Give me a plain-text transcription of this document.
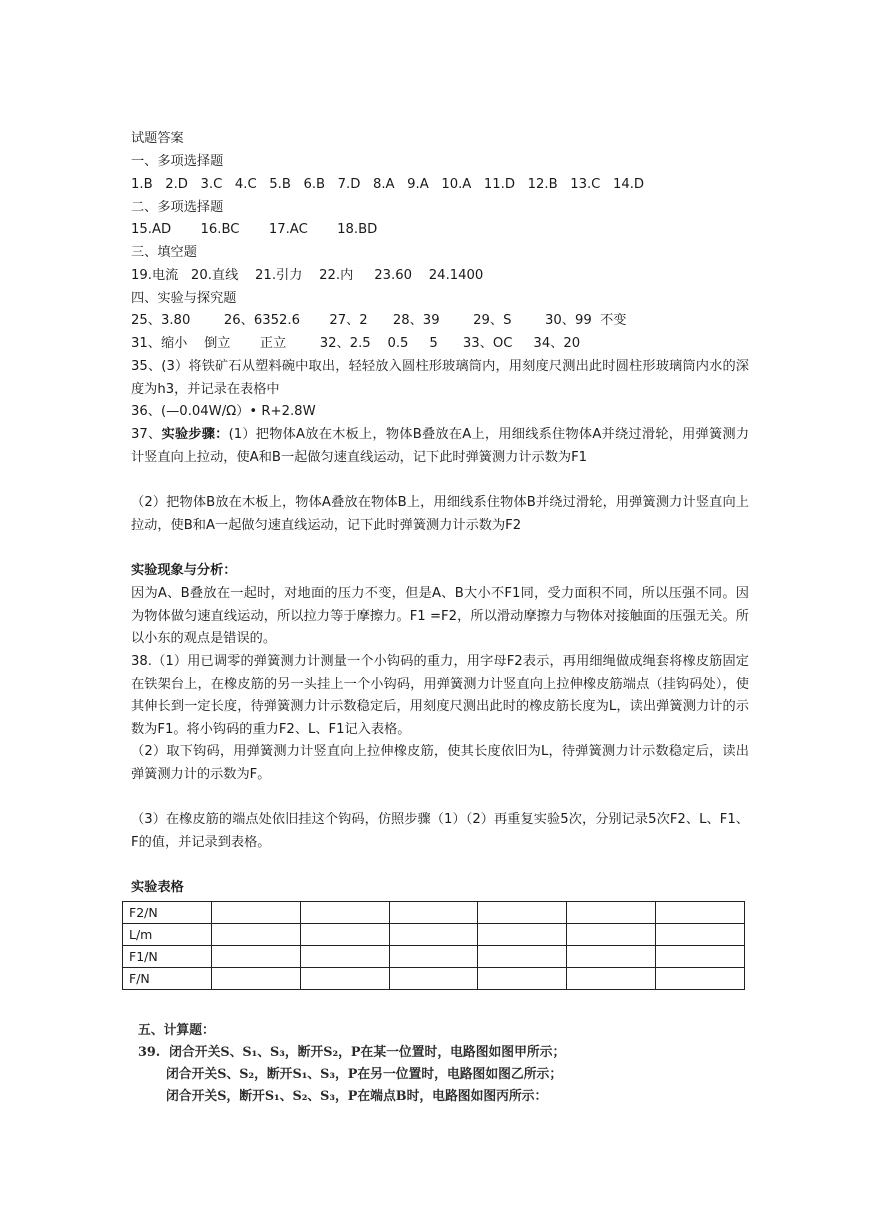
试题答案

一、多项选择题

1.B   2.D   3.C   4.C   5.B   6.B   7.D   8.A   9.A   10.A   11.D   12.B   13.C   14.D

二、多项选择题

15.AD       16.BC       17.AC       18.BD

三、填空题

19.电流   20.直线    21.引力    22.内     23.60    24.1400

四、实验与探究题

25、3.80        26、6352.6       27、2      28、39        29、S        30、99  不变

31、缩小    倒立       正立        32、2.5    0.5     5      33、OC     34、20

35、(3）将铁矿石从塑料碗中取出，轻轻放入圆柱形玻璃筒内，用刻度尺测出此时圆柱形玻璃筒内水的深度为h3，并记录在表格中

36、(—0.04W/Ω）• R+2.8W

37、实验步骤：(1）把物体A放在木板上，物体B叠放在A上，用细线系住物体A并绕过滑轮，用弹簧测力计竖直向上拉动，使A和B一起做匀速直线运动，记下此时弹簧测力计示数为F1

（2）把物体B放在木板上，物体A叠放在物体B上，用细线系住物体B并绕过滑轮，用弹簧测力计竖直向上拉动，使B和A一起做匀速直线运动，记下此时弹簧测力计示数为F2

实验现象与分析：

因为A、B叠放在一起时，对地面的压力不变，但是A、B大小不F1同，受力面积不同，所以压强不同。因为物体做匀速直线运动，所以拉力等于摩擦力。F1 =F2，所以滑动摩擦力与物体对接触面的压强无关。所以小东的观点是错误的。

38.（1）用已调零的弹簧测力计测量一个小钩码的重力，用字母F2表示，再用细绳做成绳套将橡皮筋固定在铁架台上，在橡皮筋的另一头挂上一个小钩码，用弹簧测力计竖直向上拉伸橡皮筋端点（挂钩码处），使其伸长到一定长度，待弹簧测力计示数稳定后，用刻度尺测出此时的橡皮筋长度为L，读出弹簧测力计的示数为F1。将小钩码的重力F2、L、F1记入表格。

（2）取下钩码，用弹簧测力计竖直向上拉伸橡皮筋，使其长度依旧为L，待弹簧测力计示数稳定后，读出弹簧测力计的示数为F。

（3）在橡皮筋的端点处依旧挂这个钩码，仿照步骤（1）（2）再重复实验5次，分别记录5次F2、L、F1、F的值，并记录到表格。

实验表格

F2/N						
L/m						
F1/N						
F/N						
五、计算题：
39.  闭合开关S、S₁、S₃，断开S₂，P在某一位置时，电路图如图甲所示；
闭合开关S、S₂，断开S₁、S₃，P在另一位置时，电路图如图乙所示；
闭合开关S，断开S₁、S₂、S₃，P在端点B时，电路图如图丙所示：
